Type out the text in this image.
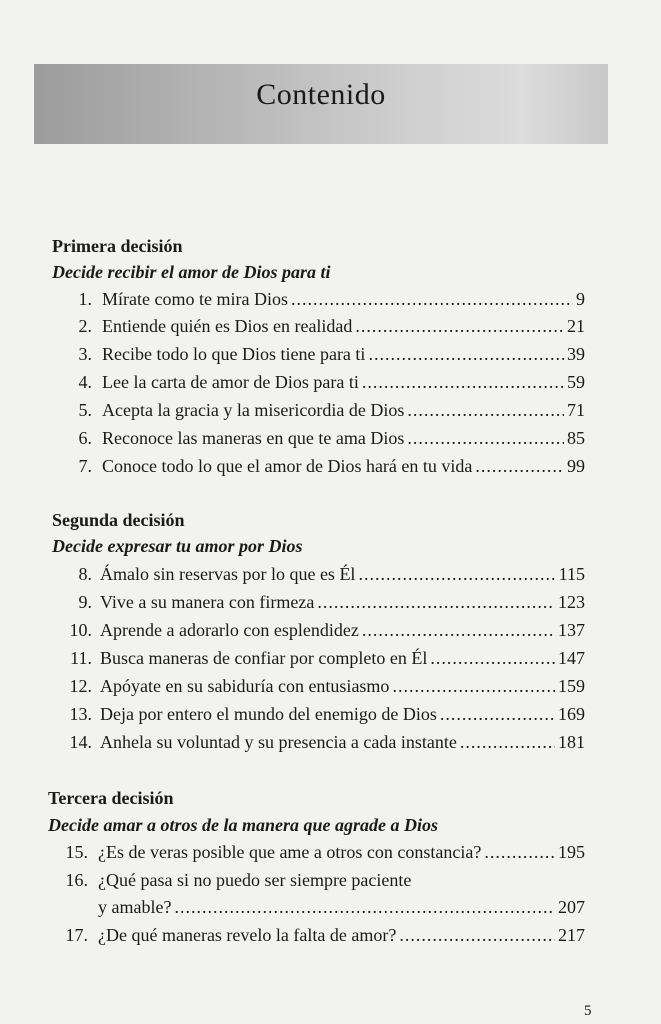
Contenido
Primera decisión
Decide recibir el amor de Dios para ti
1. Mírate como te mira Dios .....	9
2. Entiende quién es Dios en realidad .....	21
3. Recibe todo lo que Dios tiene para ti .....	39
4. Lee la carta de amor de Dios para ti .....	59
5. Acepta la gracia y la misericordia de Dios .....	71
6. Reconoce las maneras en que te ama Dios .....	85
7. Conoce todo lo que el amor de Dios hará en tu vida .....	99
Segunda decisión
Decide expresar tu amor por Dios
8. Ámalo sin reservas por lo que es Él .....	115
9. Vive a su manera con firmeza .....	123
10. Aprende a adorarlo con esplendidez .....	137
11. Busca maneras de confiar por completo en Él .....	147
12. Apóyate en su sabiduría con entusiasmo .....	159
13. Deja por entero el mundo del enemigo de Dios .....	169
14. Anhela su voluntad y su presencia a cada instante .....	181
Tercera decisión
Decide amar a otros de la manera que agrade a Dios
15. ¿Es de veras posible que ame a otros con constancia? .....	195
16. ¿Qué pasa si no puedo ser siempre paciente
y amable? .....	207
17. ¿De qué maneras revelo la falta de amor? .....	217
5
